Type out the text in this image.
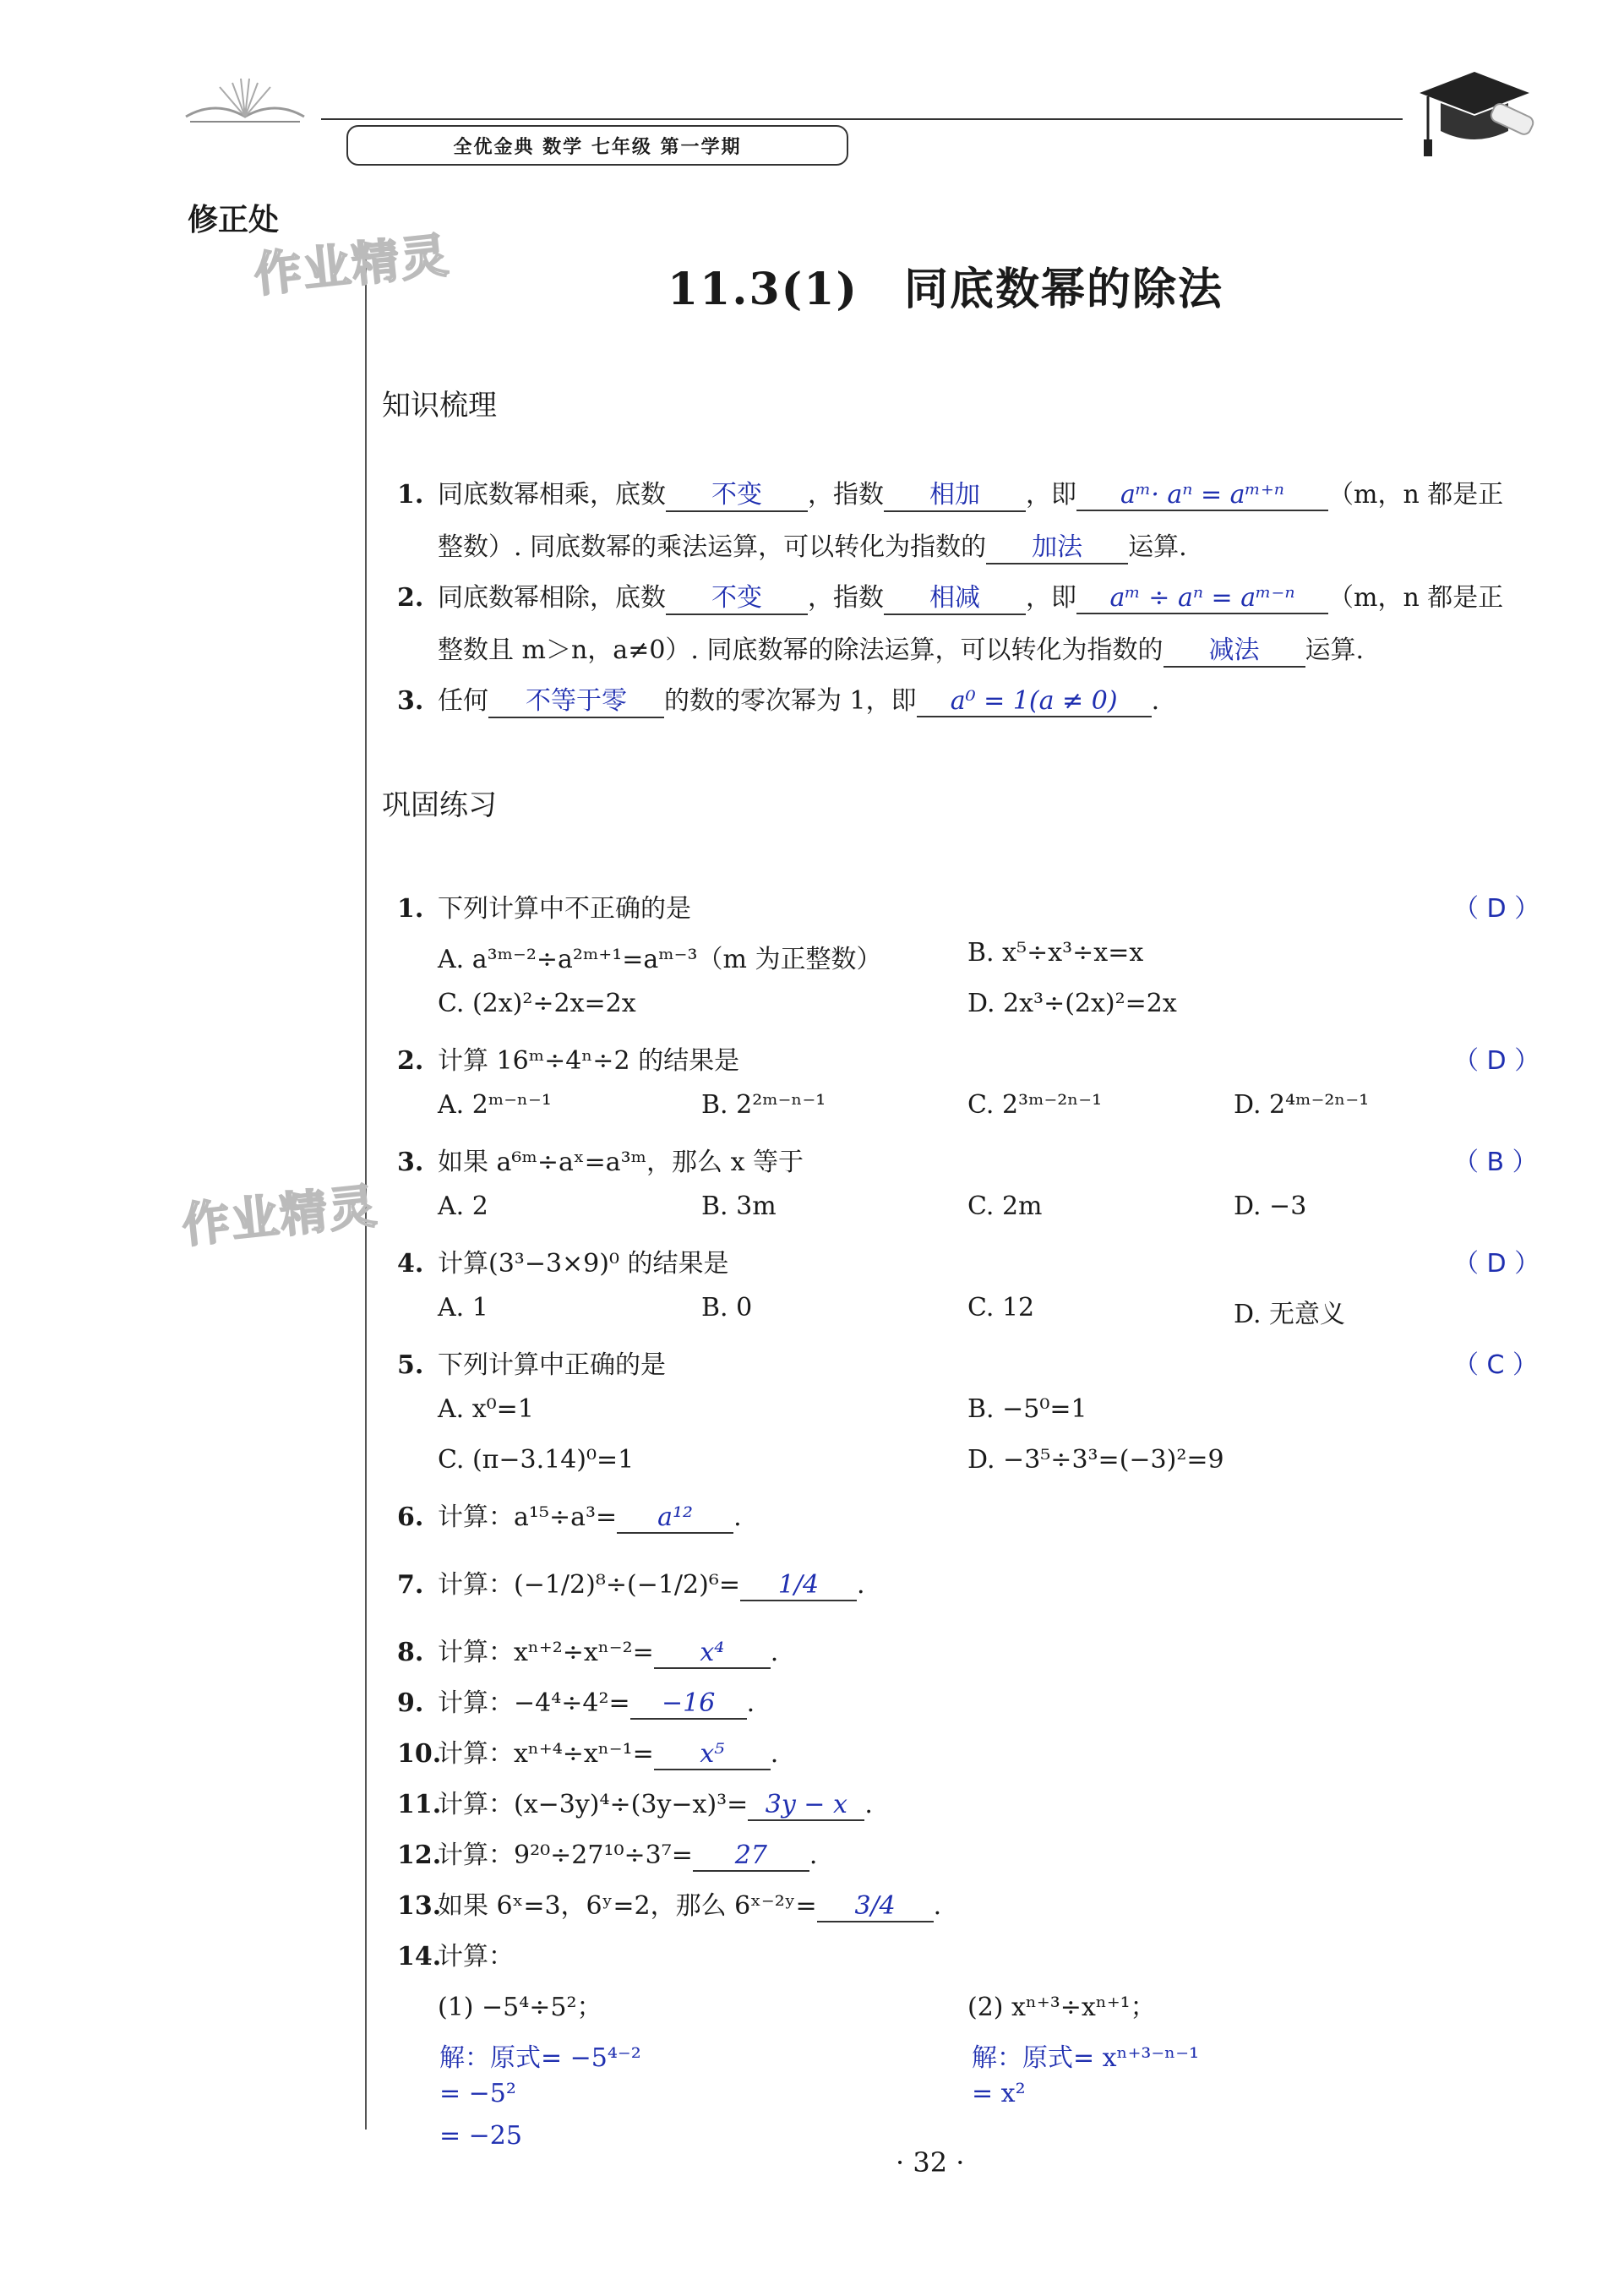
全优金典 数学 七年级 第一学期
修正处
作业精灵
作业精灵
11.3(1)　同底数幂的除法
知识梳理
1. 同底数幂相乘，底数 不变 ，指数 相加 ，即 aᵐ· aⁿ = aᵐ⁺ⁿ （m，n 都是正
整数）. 同底数幂的乘法运算，可以转化为指数的 加法 运算.
2. 同底数幂相除，底数 不变 ，指数 相减 ，即 aᵐ ÷ aⁿ = aᵐ⁻ⁿ （m，n 都是正
整数且 m＞n，a≠0）. 同底数幂的除法运算，可以转化为指数的 减法 运算.
3. 任何 不等于零 的数的零次幂为 1，即 a⁰ = 1(a ≠ 0) .
巩固练习
1. 下列计算中不正确的是	（ D ）
A. a³ᵐ⁻²÷a²ᵐ⁺¹=aᵐ⁻³（m 为正整数）	B. x⁵÷x³÷x=x
C. (2x)²÷2x=2x	D. 2x³÷(2x)²=2x
2. 计算 16ᵐ÷4ⁿ÷2 的结果是	（ D ）
A. 2ᵐ⁻ⁿ⁻¹	B. 2²ᵐ⁻ⁿ⁻¹	C. 2³ᵐ⁻²ⁿ⁻¹	D. 2⁴ᵐ⁻²ⁿ⁻¹
3. 如果 a⁶ᵐ÷aˣ=a³ᵐ，那么 x 等于	（ B ）
A. 2	B. 3m	C. 2m	D. −3
4. 计算(3³−3×9)⁰ 的结果是	（ D ）
A. 1	B. 0	C. 12	D. 无意义
5. 下列计算中正确的是	（ C ）
A. x⁰=1	B. −5⁰=1
C. (π−3.14)⁰=1	D. −3⁵÷3³=(−3)²=9
6. 计算：a¹⁵÷a³= a¹² .
7. 计算：(−1/2)⁸÷(−1/2)⁶= 1/4 .
8. 计算：xⁿ⁺²÷xⁿ⁻²= x⁴ .
9. 计算：−4⁴÷4²= −16 .
10.计算：xⁿ⁺⁴÷xⁿ⁻¹= x⁵ .
11.计算：(x−3y)⁴÷(3y−x)³= 3y − x .
12.计算：9²⁰÷27¹⁰÷3⁷= 27 .
13.如果 6ˣ=3，6ʸ=2，那么 6ˣ⁻²ʸ= 3/4 .
14.计算：
(1) −5⁴÷5²；	(2) xⁿ⁺³÷xⁿ⁺¹；
解：原式= −5⁴⁻²
= −5²
= −25
解：原式= xⁿ⁺³⁻ⁿ⁻¹
= x²
· 32 ·
